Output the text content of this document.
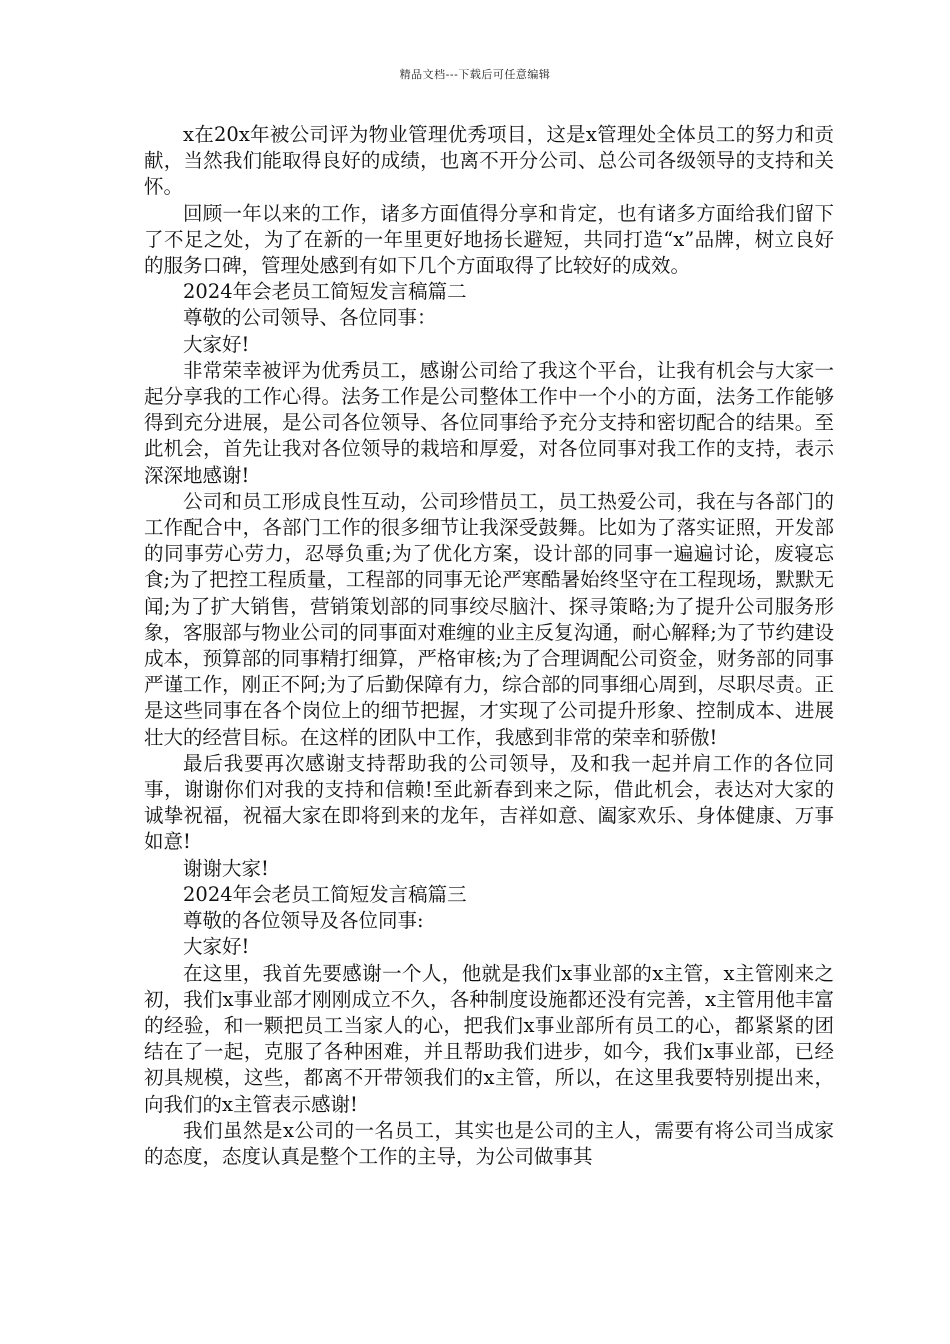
精品文档---下载后可任意编辑

x在20x年被公司评为物业管理优秀项目，这是x管理处全体员工的努力和贡献，当然我们能取得良好的成绩，也离不开分公司、总公司各级领导的支持和关怀。

回顾一年以来的工作，诸多方面值得分享和肯定，也有诸多方面给我们留下了不足之处，为了在新的一年里更好地扬长避短，共同打造“x”品牌，树立良好的服务口碑，管理处感到有如下几个方面取得了比较好的成效。

2024年会老员工简短发言稿篇二

尊敬的公司领导、各位同事：

大家好!

非常荣幸被评为优秀员工，感谢公司给了我这个平台，让我有机会与大家一起分享我的工作心得。法务工作是公司整体工作中一个小的方面，法务工作能够得到充分进展，是公司各位领导、各位同事给予充分支持和密切配合的结果。至此机会，首先让我对各位领导的栽培和厚爱，对各位同事对我工作的支持，表示深深地感谢!

公司和员工形成良性互动，公司珍惜员工，员工热爱公司，我在与各部门的工作配合中，各部门工作的很多细节让我深受鼓舞。比如为了落实证照，开发部的同事劳心劳力，忍辱负重;为了优化方案，设计部的同事一遍遍讨论，废寝忘食;为了把控工程质量，工程部的同事无论严寒酷暑始终坚守在工程现场，默默无闻;为了扩大销售，营销策划部的同事绞尽脑汁、探寻策略;为了提升公司服务形象，客服部与物业公司的同事面对难缠的业主反复沟通，耐心解释;为了节约建设成本，预算部的同事精打细算，严格审核;为了合理调配公司资金，财务部的同事严谨工作，刚正不阿;为了后勤保障有力，综合部的同事细心周到，尽职尽责。正是这些同事在各个岗位上的细节把握，才实现了公司提升形象、控制成本、进展壮大的经营目标。在这样的团队中工作，我感到非常的荣幸和骄傲!

最后我要再次感谢支持帮助我的公司领导，及和我一起并肩工作的各位同事，谢谢你们对我的支持和信赖!至此新春到来之际，借此机会，表达对大家的诚挚祝福，祝福大家在即将到来的龙年，吉祥如意、阖家欢乐、身体健康、万事如意!

谢谢大家!

2024年会老员工简短发言稿篇三

尊敬的各位领导及各位同事:

大家好!

在这里，我首先要感谢一个人，他就是我们x事业部的x主管，x主管刚来之初，我们x事业部才刚刚成立不久，各种制度设施都还没有完善，x主管用他丰富的经验，和一颗把员工当家人的心，把我们x事业部所有员工的心，都紧紧的团结在了一起，克服了各种困难，并且帮助我们进步，如今，我们x事业部，已经初具规模，这些，都离不开带领我们的x主管，所以，在这里我要特别提出来，向我们的x主管表示感谢!

我们虽然是x公司的一名员工，其实也是公司的主人，需要有将公司当成家的态度，态度认真是整个工作的主导，为公司做事其
